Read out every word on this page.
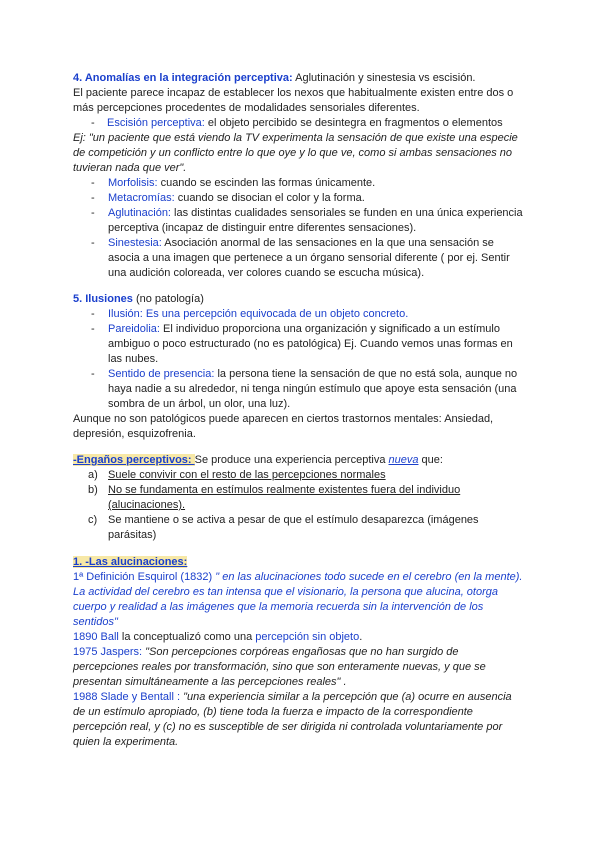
4. Anomalías en la integración perceptiva: Aglutinación y sinestesia vs escisión.
El paciente parece incapaz de establecer los nexos que habitualmente existen entre dos o
más percepciones procedentes de modalidades sensoriales diferentes.
- Escisión perceptiva: el objeto percibido se desintegra en fragmentos o elementos
Ej: "un paciente que está viendo la TV experimenta la sensación de que existe una especie
de competición y un conflicto entre lo que oye y lo que ve, como si ambas sensaciones no
tuvieran nada que ver".
- Morfolisis: cuando se escinden las formas únicamente.
- Metacromías: cuando se disocian el color y la forma.
- Aglutinación: las distintas cualidades sensoriales se funden en una única experiencia
perceptiva (incapaz de distinguir entre diferentes sensaciones).
- Sinestesia: Asociación anormal de las sensaciones en la que una sensación se
asocia a una imagen que pertenece a un órgano sensorial diferente ( por ej. Sentir
una audición coloreada, ver colores cuando se escucha música).
5. Ilusiones (no patología)
- Ilusión: Es una percepción equivocada de un objeto concreto.
- Pareidolia: El individuo proporciona una organización y significado a un estímulo
ambiguo o poco estructurado (no es patológica) Ej. Cuando vemos unas formas en
las nubes.
- Sentido de presencia: la persona tiene la sensación de que no está sola, aunque no
haya nadie a su alrededor, ni tenga ningún estímulo que apoye esta sensación (una
sombra de un árbol, un olor, una luz).
Aunque no son patológicos puede aparecen en ciertos trastornos mentales: Ansiedad,
depresión, esquizofrenia.
-Engaños perceptivos: Se produce una experiencia perceptiva nueva que:
a) Suele convivir con el resto de las percepciones normales
b) No se fundamenta en estímulos realmente existentes fuera del individuo
(alucinaciones).
c) Se mantiene o se activa a pesar de que el estímulo desaparezca (imágenes
parásitas)
1. -Las alucinaciones:
1ª Definición Esquirol (1832) " en las alucinaciones todo sucede en el cerebro (en la mente).
La actividad del cerebro es tan intensa que el visionario, la persona que alucina, otorga
cuerpo y realidad a las imágenes que la memoria recuerda sin la intervención de los
sentidos"
1890 Ball la conceptualizó como una percepción sin objeto.
1975 Jaspers: "Son percepciones corpóreas engañosas que no han surgido de
percepciones reales por transformación, sino que son enteramente nuevas, y que se
presentan simultáneamente a las percepciones reales" .
1988 Slade y Bentall : "una experiencia similar a la percepción que (a) ocurre en ausencia
de un estímulo apropiado, (b) tiene toda la fuerza e impacto de la correspondiente
percepción real, y (c) no es susceptible de ser dirigida ni controlada voluntariamente por
quien la experimenta.
